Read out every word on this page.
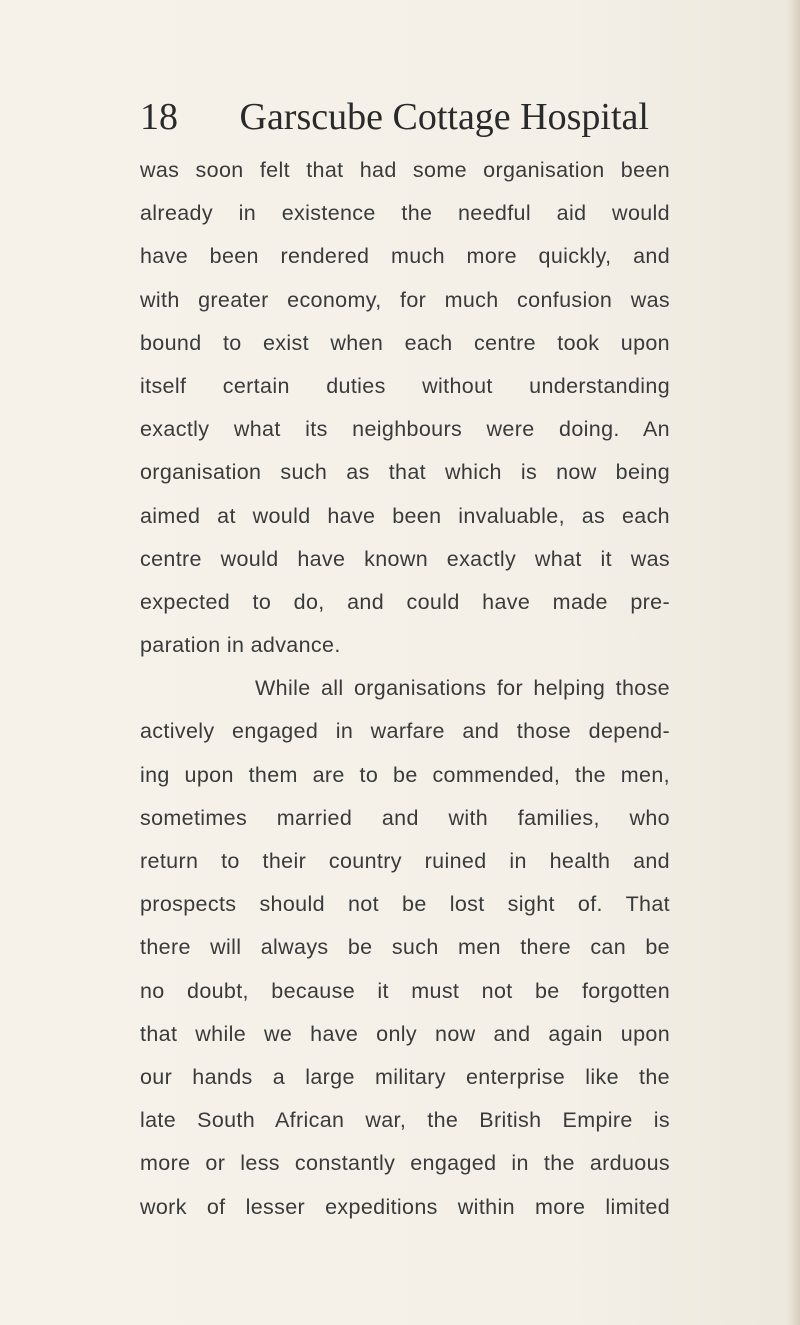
18 Garscube Cottage Hospital
was soon felt that had some organisation been
already in existence the needful aid would
have been rendered much more quickly, and
with greater economy, for much confusion was
bound to exist when each centre took upon
itself certain duties without understanding
exactly what its neighbours were doing. An
organisation such as that which is now being
aimed at would have been invaluable, as each
centre would have known exactly what it was
expected to do, and could have made pre-
paration in advance.
While all organisations for helping those
actively engaged in warfare and those depend-
ing upon them are to be commended, the men,
sometimes married and with families, who
return to their country ruined in health and
prospects should not be lost sight of. That
there will always be such men there can be
no doubt, because it must not be forgotten
that while we have only now and again upon
our hands a large military enterprise like the
late South African war, the British Empire is
more or less constantly engaged in the arduous
work of lesser expeditions within more limited
